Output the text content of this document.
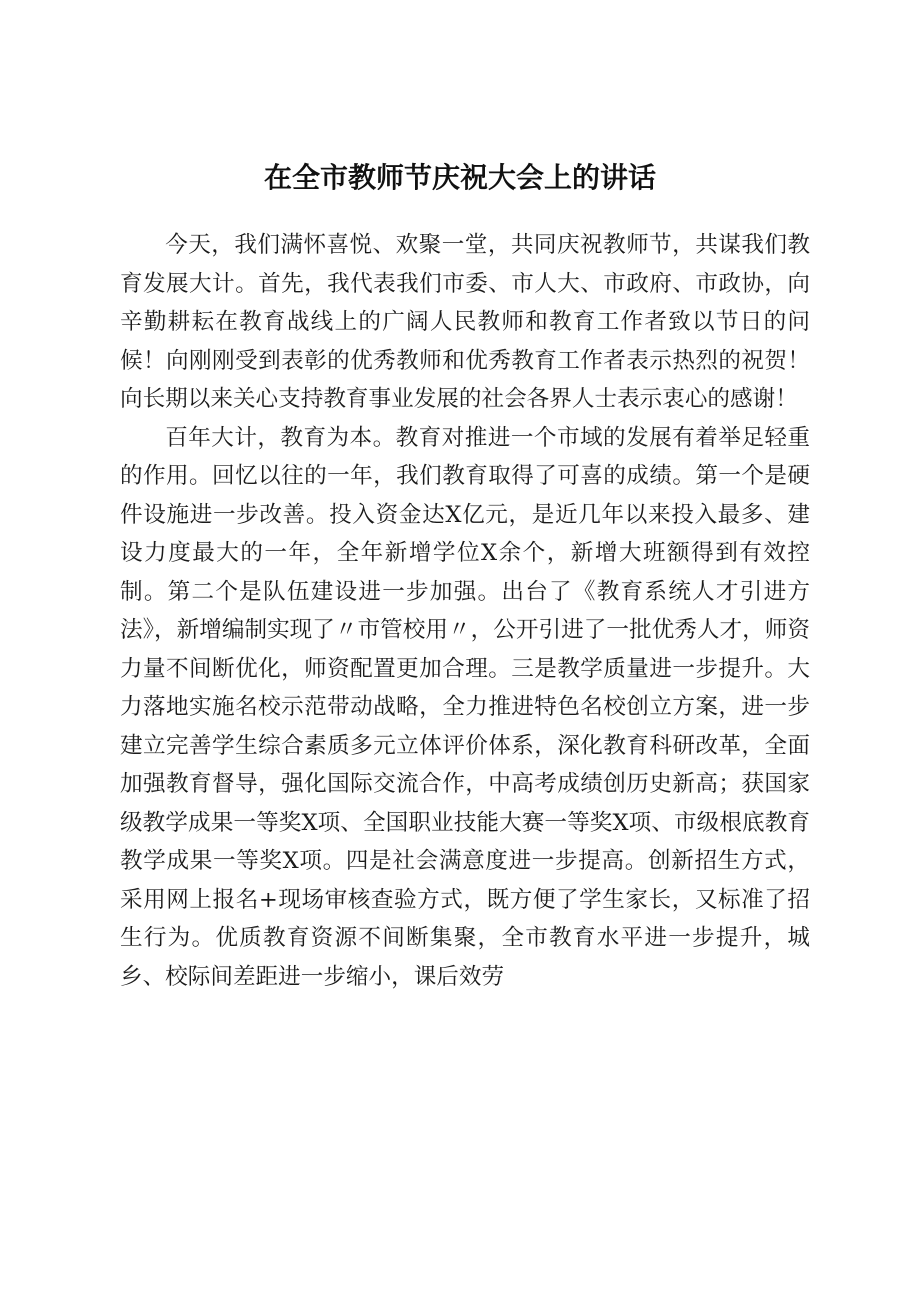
在全市教师节庆祝大会上的讲话

今天，我们满怀喜悦、欢聚一堂，共同庆祝教师节，共谋我们教育发展大计。首先，我代表我们市委、市人大、市政府、市政协，向辛勤耕耘在教育战线上的广阔人民教师和教育工作者致以节日的问候！向刚刚受到表彰的优秀教师和优秀教育工作者表示热烈的祝贺！向长期以来关心支持教育事业发展的社会各界人士表示衷心的感谢！

百年大计，教育为本。教育对推进一个市域的发展有着举足轻重的作用。回忆以往的一年，我们教育取得了可喜的成绩。第一个是硬件设施进一步改善。投入资金达X亿元，是近几年以来投入最多、建设力度最大的一年，全年新增学位X余个，新增大班额得到有效控制。第二个是队伍建设进一步加强。出台了《教育系统人才引进方法》，新增编制实现了〃市管校用〃，公开引进了一批优秀人才，师资力量不间断优化，师资配置更加合理。三是教学质量进一步提升。大力落地实施名校示范带动战略，全力推进特色名校创立方案，进一步建立完善学生综合素质多元立体评价体系，深化教育科研改革，全面加强教育督导，强化国际交流合作，中高考成绩创历史新高；获国家级教学成果一等奖X项、全国职业技能大赛一等奖X项、市级根底教育教学成果一等奖X项。四是社会满意度进一步提高。创新招生方式，采用网上报名+现场审核查验方式，既方便了学生家长，又标准了招生行为。优质教育资源不间断集聚，全市教育水平进一步提升，城乡、校际间差距进一步缩小，课后效劳
